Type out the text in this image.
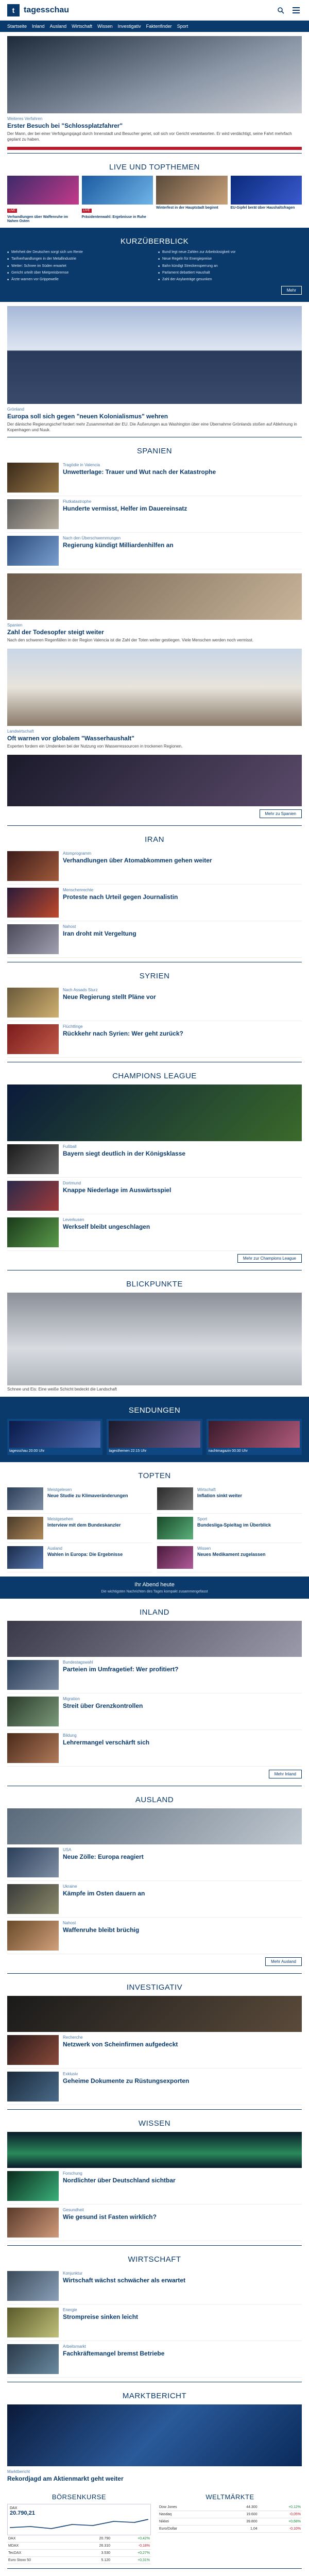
t tagesschau
Startseite Inland Ausland Wirtschaft Wissen Investigativ Faktenfinder Sport
Weiteres Verfahren
Erster Besuch bei "Schlossplatzfahrer"
Der Mann, der bei einer Verfolgungsjagd durch Innenstadt und Besucher geriet, soll sich vor Gericht verantworten. Er wird verdächtigt, seine Fahrt mehrfach geplant zu haben.
LIVE UND TOPTHEMEN
LIVE
Verhandlungen über Waffenruhe im Nahen Osten
LIVE
Präsidentenwahl: Ergebnisse in Ruhe
Winterfest in der Hauptstadt beginnt	EU-Gipfel berät über Haushaltsfragen
KURZÜBERBLICK
■ Mehrheit der Deutschen sorgt sich um Rente	■ Bund legt neue Zahlen zur Arbeitslosigkeit vor
■ Tarifverhandlungen in der Metallindustrie	■ Neue Regeln für Energiepreise
■ Wetter: Schnee im Süden erwartet	■ Bahn kündigt Streckensperrung an
■ Gericht urteilt über Mietpreisbremse	■ Parlament debattiert Haushalt
■ Ärzte warnen vor Grippewelle	■ Zahl der Asylanträge gesunken
Mehr
Grönland
Europa soll sich gegen "neuen Kolonialismus" wehren
Der dänische Regierungschef fordert mehr Zusammenhalt der EU. Die Äußerungen aus Washington über eine Übernahme Grönlands stoßen auf Ablehnung in Kopenhagen und Nuuk.
SPANIEN
Tragödie in Valencia
Unwetterlage: Trauer und Wut nach der Katastrophe
Flutkatastrophe
Hunderte vermisst, Helfer im Dauereinsatz
Nach den Überschwemmungen
Regierung kündigt Milliardenhilfen an
Spanien
Zahl der Todesopfer steigt weiter
Nach den schweren Regenfällen in der Region Valencia ist die Zahl der Toten weiter gestiegen. Viele Menschen werden noch vermisst.
Landwirtschaft
Oft warnen vor globalem "Wasserhaushalt"
Experten fordern ein Umdenken bei der Nutzung von Wasserressourcen in trockenen Regionen.
Mehr zu Spanien
IRAN
Atomprogramm
Verhandlungen über Atomabkommen gehen weiter
Menschenrechte
Proteste nach Urteil gegen Journalistin
Nahost
Iran droht mit Vergeltung
SYRIEN
Nach Assads Sturz
Neue Regierung stellt Pläne vor
Flüchtlinge
Rückkehr nach Syrien: Wer geht zurück?
CHAMPIONS LEAGUE
Fußball
Bayern siegt deutlich in der Königsklasse
Dortmund
Knappe Niederlage im Auswärtsspiel
Leverkusen
Werkself bleibt ungeschlagen
Mehr zur Champions League
BLICKPUNKTE
Schnee und Eis: Eine weiße Schicht bedeckt die Landschaft
SENDUNGEN
tagesschau 20:00 Uhr	tagesthemen 22:15 Uhr	nachtmagazin 00:30 Uhr
TOPTEN
Meistgelesen
Neue Studie zu Klimaveränderungen
Meistgesehen
Interview mit dem Bundeskanzler
Ausland
Wahlen in Europa: Die Ergebnisse
Wirtschaft
Inflation sinkt weiter
Sport
Bundesliga-Spieltag im Überblick
Wissen
Neues Medikament zugelassen
Ihr Abend heute
Die wichtigsten Nachrichten des Tages kompakt zusammengefasst
INLAND
Bundestagswahl
Parteien im Umfragetief: Wer profitiert?
Migration
Streit über Grenzkontrollen
Bildung
Lehrermangel verschärft sich
Mehr Inland
AUSLAND
USA
Neue Zölle: Europa reagiert
Ukraine
Kämpfe im Osten dauern an
Nahost
Waffenruhe bleibt brüchig
Mehr Ausland
INVESTIGATIV
Recherche
Netzwerk von Scheinfirmen aufgedeckt
Exklusiv
Geheime Dokumente zu Rüstungsexporten
WISSEN
Forschung
Nordlichter über Deutschland sichtbar
Gesundheit
Wie gesund ist Fasten wirklich?
WIRTSCHAFT
Konjunktur
Wirtschaft wächst schwächer als erwartet
Energie
Strompreise sinken leicht
Arbeitsmarkt
Fachkräftemangel bremst Betriebe
MARKTBERICHT
Marktbericht
Rekordjagd am Aktienmarkt geht weiter
BÖRSENKURSE
DAX
20.790,21
DAX	20.790	+0,42%
MDAX	26.310	-0,18%
TecDAX	3.530	+0,27%
Euro Stoxx 50	5.120	+0,31%
WELTMÄRKTE
Dow Jones	44.300	+0,12%
Nasdaq	19.600	-0,05%
Nikkei	39.800	+0,68%
Euro/Dollar	1,04	-0,10%
